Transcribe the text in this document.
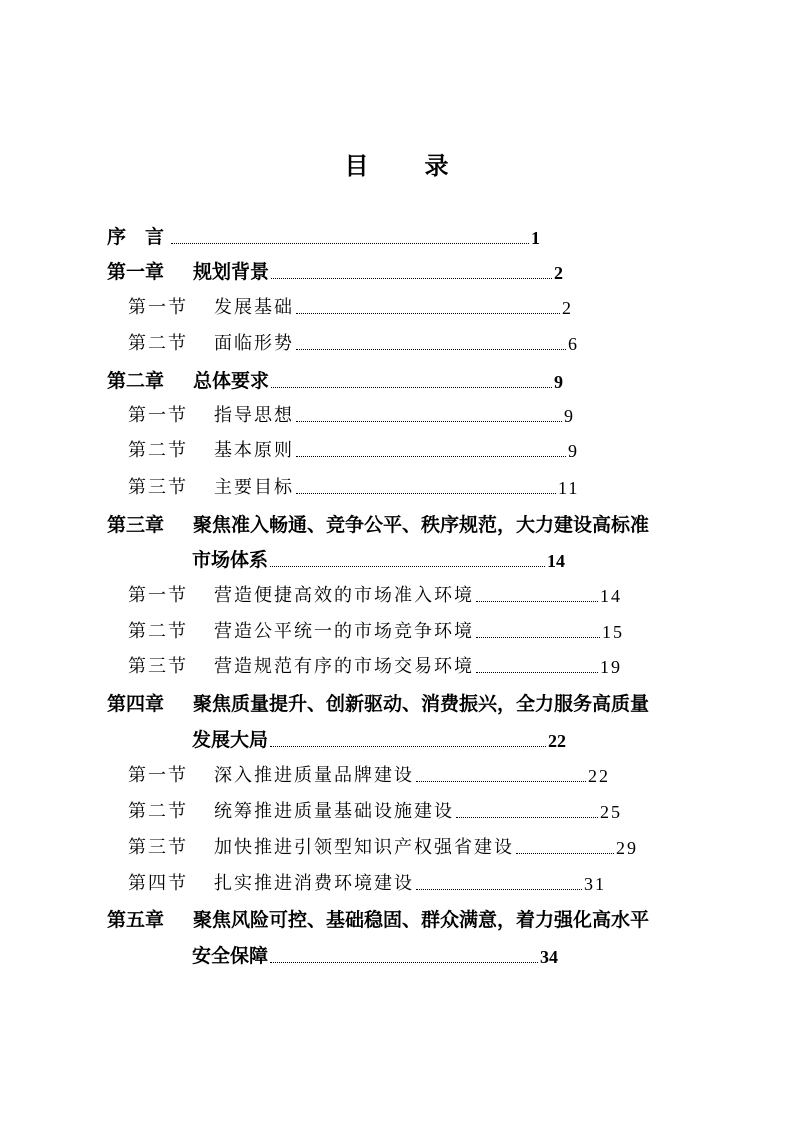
目 录
序　言	1
第一章	规划背景	2
第一节	发展基础	2
第二节	面临形势	6
第二章	总体要求	9
第一节	指导思想	9
第二节	基本原则	9
第三节	主要目标	11
第三章	聚焦准入畅通、竞争公平、秩序规范，大力建设高标准
市场体系	14
第一节	营造便捷高效的市场准入环境	14
第二节	营造公平统一的市场竞争环境	15
第三节	营造规范有序的市场交易环境	19
第四章	聚焦质量提升、创新驱动、消费振兴，全力服务高质量
发展大局	22
第一节	深入推进质量品牌建设	22
第二节	统筹推进质量基础设施建设	25
第三节	加快推进引领型知识产权强省建设	29
第四节	扎实推进消费环境建设	31
第五章	聚焦风险可控、基础稳固、群众满意，着力强化高水平
安全保障	34
